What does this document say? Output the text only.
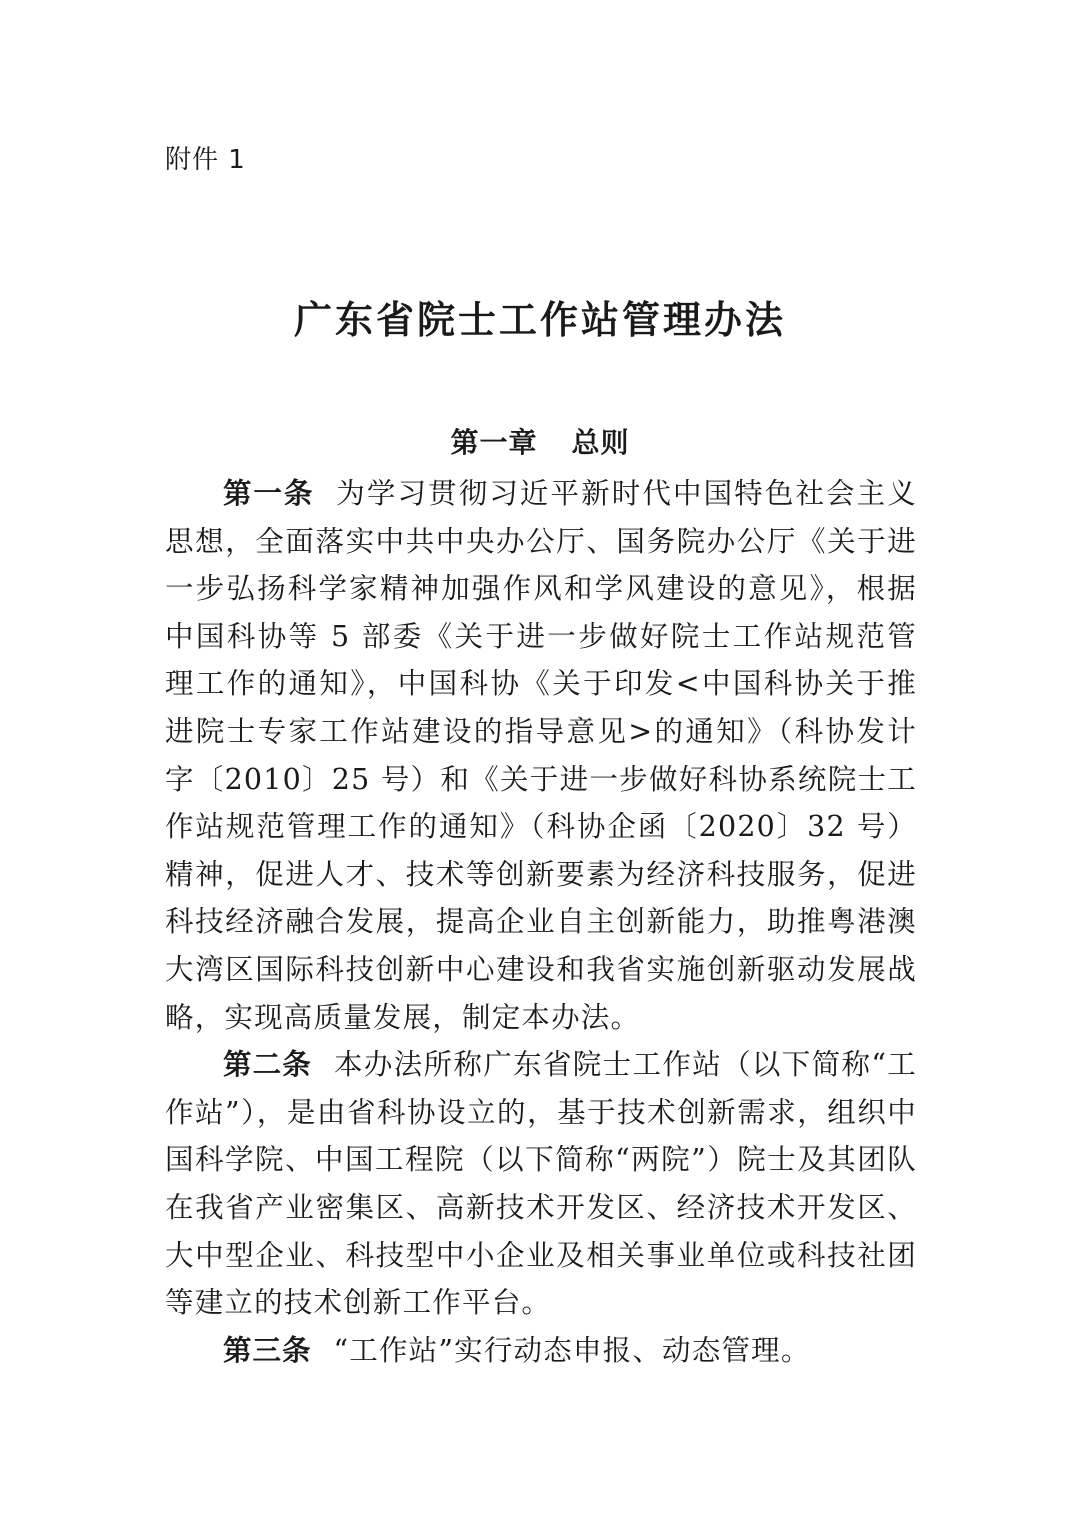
附件 1
广东省院士工作站管理办法
第一章 总则

第一条 为学习贯彻习近平新时代中国特色社会主义思想，全面落实中共中央办公厅、国务院办公厅《关于进一步弘扬科学家精神加强作风和学风建设的意见》，根据中国科协等 5 部委《关于进一步做好院士工作站规范管理工作的通知》，中国科协《关于印发<中国科协关于推进院士专家工作站建设的指导意见>的通知》（科协发计字〔2010〕25 号）和《关于进一步做好科协系统院士工作站规范管理工作的通知》（科协企函〔2020〕32 号）精神，促进人才、技术等创新要素为经济科技服务，促进科技经济融合发展，提高企业自主创新能力，助推粤港澳大湾区国际科技创新中心建设和我省实施创新驱动发展战略，实现高质量发展，制定本办法。

第二条 本办法所称广东省院士工作站（以下简称“工作站”），是由省科协设立的，基于技术创新需求，组织中国科学院、中国工程院（以下简称“两院”）院士及其团队在我省产业密集区、高新技术开发区、经济技术开发区、大中型企业、科技型中小企业及相关事业单位或科技社团等建立的技术创新工作平台。

第三条 “工作站”实行动态申报、动态管理。
